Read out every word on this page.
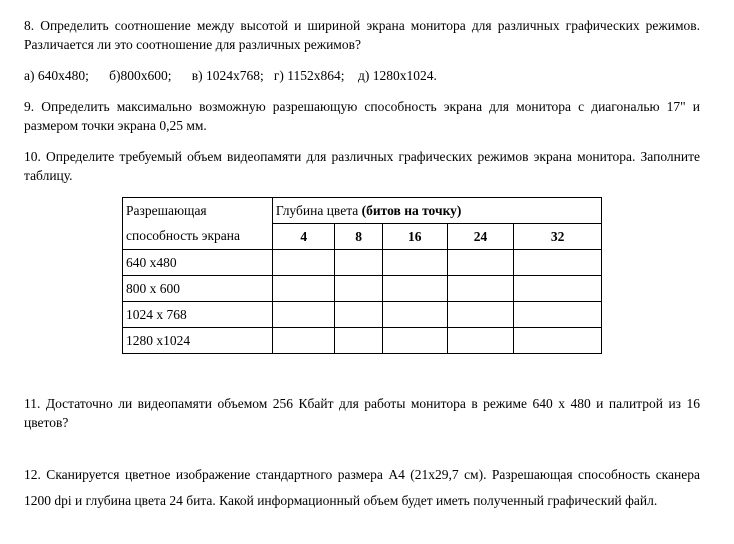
8. Определить соотношение между высотой и шириной экрана монитора для различных графических режимов. Различается ли это соотношение для различных режимов?

а) 640x480; б)800x600; в) 1024x768; г) 1152x864; д) 1280x1024.

9. Определить максимально возможную разрешающую способность экрана для монитора с диагональю 17" и размером точки экрана 0,25 мм.

10. Определите требуемый объем видеопамяти для различных графических режимов экрана монитора. Заполните таблицу.

Разрешающая	Глубина цвета (битов на точку)				
способность экрана	4	8	16	24	32
640 x480					
800 x 600					
1024 x 768					
1280 x1024					

11. Достаточно ли видеопамяти объемом 256 Кбайт для работы монитора в режиме 640 х 480 и палитрой из 16 цветов?

12. Сканируется цветное изображение стандартного размера А4 (21x29,7 см). Разрешающая способность сканера 1200 dpi и глубина цвета 24 бита. Какой информационный объем будет иметь полученный графический файл.
